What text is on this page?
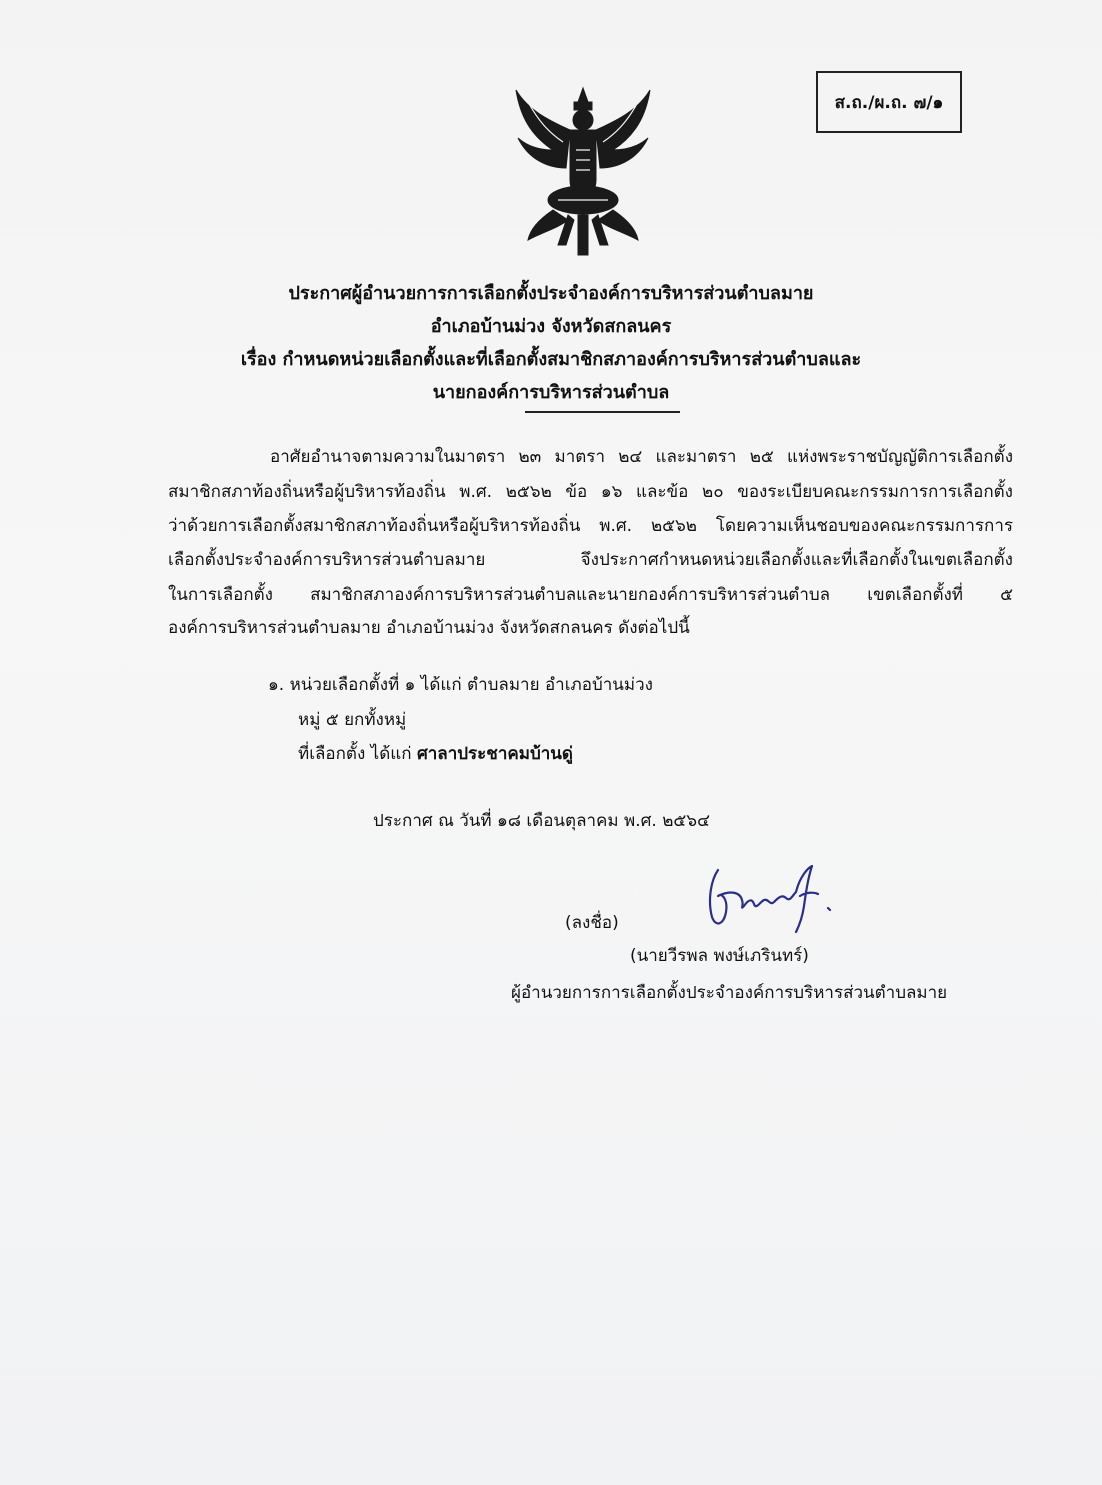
ส.ถ./ผ.ถ. ๗/๑
ประกาศผู้อำนวยการการเลือกตั้งประจำองค์การบริหารส่วนตำบลมาย
อำเภอบ้านม่วง จังหวัดสกลนคร
เรื่อง กำหนดหน่วยเลือกตั้งและที่เลือกตั้งสมาชิกสภาองค์การบริหารส่วนตำบลและ
นายกองค์การบริหารส่วนตำบล
อาศัยอำนาจตามความในมาตรา ๒๓ มาตรา ๒๔ และมาตรา ๒๕ แห่งพระราชบัญญัติการเลือกตั้ง
สมาชิกสภาท้องถิ่นหรือผู้บริหารท้องถิ่น พ.ศ. ๒๕๖๒ ข้อ ๑๖ และข้อ ๒๐ ของระเบียบคณะกรรมการการเลือกตั้ง
ว่าด้วยการเลือกตั้งสมาชิกสภาท้องถิ่นหรือผู้บริหารท้องถิ่น พ.ศ. ๒๕๖๒ โดยความเห็นชอบของคณะกรรมการการ
เลือกตั้งประจำองค์การบริหารส่วนตำบลมาย จึงประกาศกำหนดหน่วยเลือกตั้งและที่เลือกตั้งในเขตเลือกตั้ง
ในการเลือกตั้ง สมาชิกสภาองค์การบริหารส่วนตำบลและนายกองค์การบริหารส่วนตำบล เขตเลือกตั้งที่ ๕
องค์การบริหารส่วนตำบลมาย อำเภอบ้านม่วง จังหวัดสกลนคร ดังต่อไปนี้
๑. หน่วยเลือกตั้งที่ ๑ ได้แก่ ตำบลมาย อำเภอบ้านม่วง
หมู่ ๕ ยกทั้งหมู่
ที่เลือกตั้ง ได้แก่ ศาลาประชาคมบ้านดู่
ประกาศ ณ วันที่ ๑๘ เดือนตุลาคม พ.ศ. ๒๕๖๔
(ลงชื่อ)
(นายวีรพล พงษ์เภรินทร์)
ผู้อำนวยการการเลือกตั้งประจำองค์การบริหารส่วนตำบลมาย
